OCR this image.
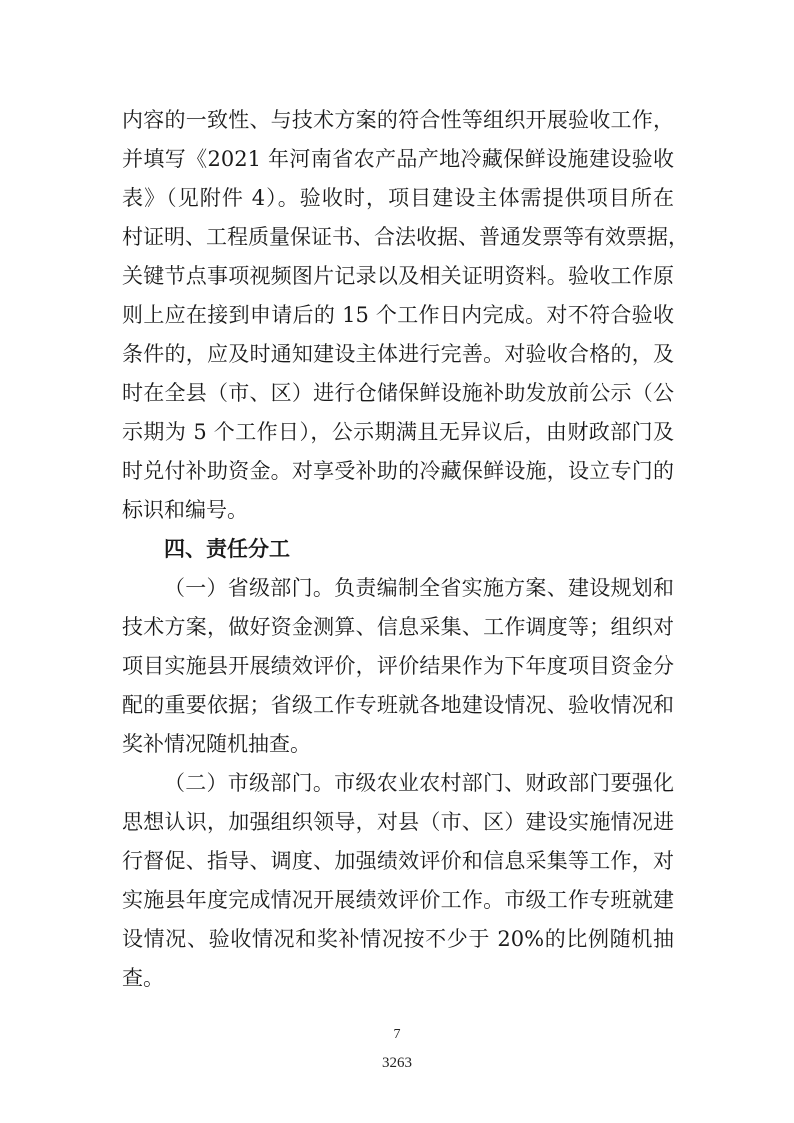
内容的一致性、与技术方案的符合性等组织开展验收工作，
并填写《2021 年河南省农产品产地冷藏保鲜设施建设验收
表》（见附件 4）。验收时，项目建设主体需提供项目所在
村证明、工程质量保证书、合法收据、普通发票等有效票据，
关键节点事项视频图片记录以及相关证明资料。验收工作原
则上应在接到申请后的 15 个工作日内完成。对不符合验收
条件的，应及时通知建设主体进行完善。对验收合格的，及
时在全县（市、区）进行仓储保鲜设施补助发放前公示（公
示期为 5 个工作日），公示期满且无异议后，由财政部门及
时兑付补助资金。对享受补助的冷藏保鲜设施，设立专门的
标识和编号。
四、责任分工
（一）省级部门。负责编制全省实施方案、建设规划和
技术方案，做好资金测算、信息采集、工作调度等；组织对
项目实施县开展绩效评价，评价结果作为下年度项目资金分
配的重要依据；省级工作专班就各地建设情况、验收情况和
奖补情况随机抽查。
（二）市级部门。市级农业农村部门、财政部门要强化
思想认识，加强组织领导，对县（市、区）建设实施情况进
行督促、指导、调度、加强绩效评价和信息采集等工作，对
实施县年度完成情况开展绩效评价工作。市级工作专班就建
设情况、验收情况和奖补情况按不少于 20%的比例随机抽
查。
7
3263
